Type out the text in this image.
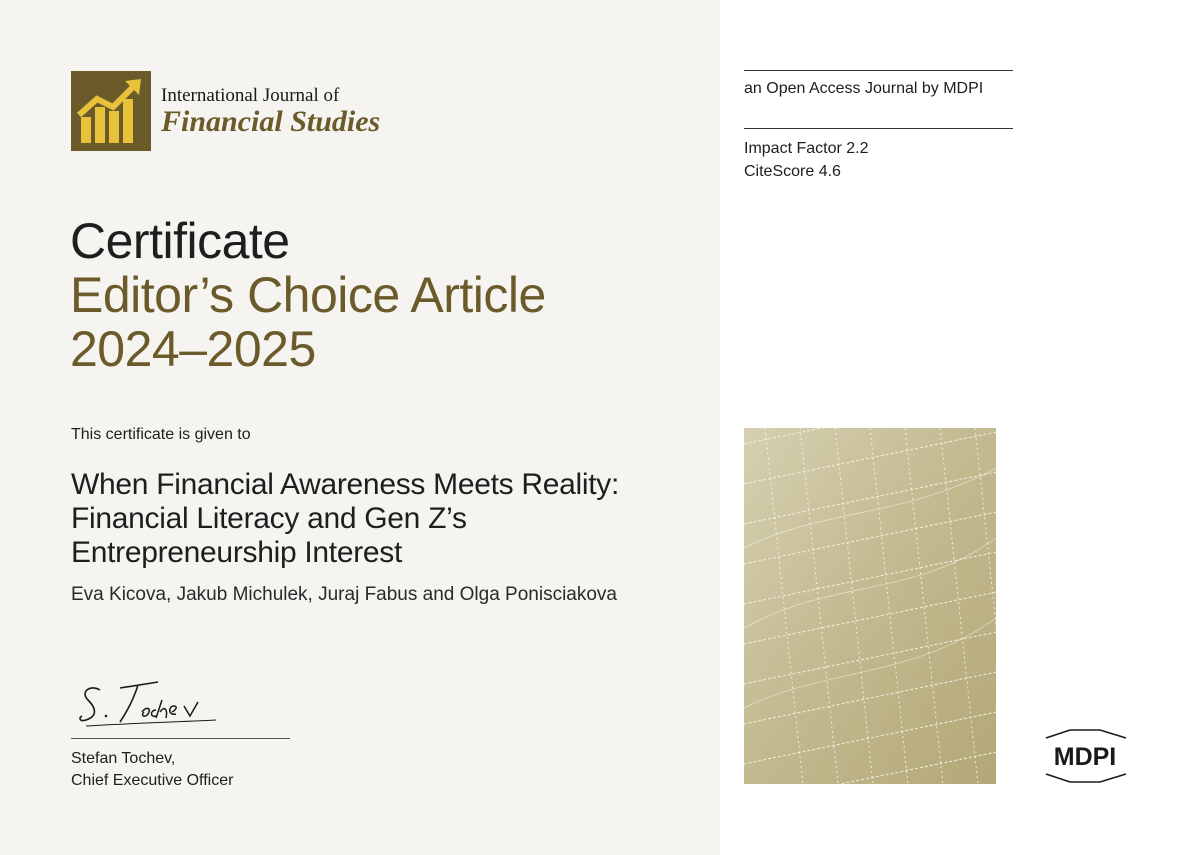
International Journal of
Financial Studies
Certificate
Editor’s Choice Article
2024–2025
This certificate is given to
When Financial Awareness Meets Reality: Financial Literacy and Gen Z’s Entrepreneurship Interest
Eva Kicova, Jakub Michulek, Juraj Fabus and Olga Ponisciakova
Stefan Tochev,
Chief Executive Officer
an Open Access Journal by MDPI
Impact Factor 2.2
CiteScore 4.6
MDPI
